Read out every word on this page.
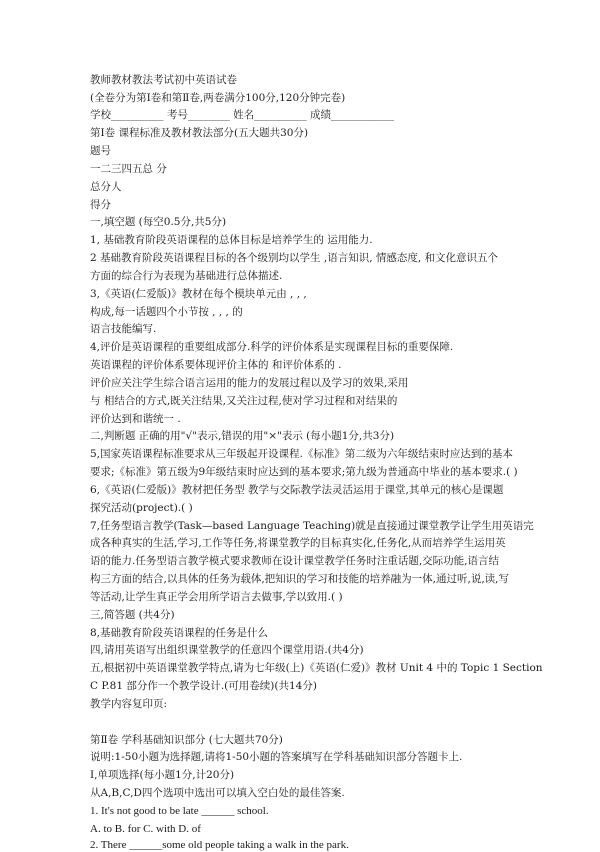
教师教材教法考试初中英语试卷
(全卷分为第Ⅰ卷和第Ⅱ卷,两卷满分100分,120分钟完卷)
学校__________ 考号________ 姓名__________ 成绩____________
第Ⅰ卷 课程标准及教材教法部分(五大题共30分)
题号
一二三四五总 分
总分人
得分
一,填空题 (每空0.5分,共5分)
1, 基础教育阶段英语课程的总体目标是培养学生的 运用能力.
2 基础教育阶段英语课程目标的各个级别均以学生 ,语言知识, 情感态度, 和文化意识五个
方面的综合行为表现为基础进行总体描述.
3,《英语(仁爱版)》教材在每个模块单元由 , , ,
构成,每一话题四个小节按 , , , 的
语言技能编写.
4,评价是英语课程的重要组成部分.科学的评价体系是实现课程目标的重要保障.
英语课程的评价体系要体现评价主体的 和评价体系的 .
评价应关注学生综合语言运用的能力的发展过程以及学习的效果,采用
与 相结合的方式,既关注结果,又关注过程,使对学习过程和对结果的
评价达到和谐统一 .
二,判断题 正确的用"√"表示,错误的用"×"表示 (每小题1分,共3分)
5,国家英语课程标准要求从三年级起开设课程.《标准》第二级为六年级结束时应达到的基本
要求;《标准》第五级为9年级结束时应达到的基本要求;第九级为普通高中毕业的基本要求.( )
6,《英语(仁爱版)》教材把任务型 教学与交际教学法灵活运用于课堂,其单元的核心是课题
探究活动(project).( )
7,任务型语言教学(Task—based Language Teaching)就是直接通过课堂教学让学生用英语完
成各种真实的生活,学习,工作等任务,将课堂教学的目标真实化,任务化,从而培养学生运用英
语的能力.任务型语言教学模式要求教师在设计课堂教学任务时注重话题,交际功能,语言结
构三方面的结合,以具体的任务为载体,把知识的学习和技能的培养融为一体,通过听,说,读,写
等活动,让学生真正学会用所学语言去做事,学以致用.( )
三,简答题 (共4分)
8,基础教育阶段英语课程的任务是什么
四,请用英语写出组织课堂教学的任意四个课堂用语.(共4分)
五,根据初中英语课堂教学特点,请为七年级(上)《英语(仁爱)》教材 Unit 4 中的 Topic 1 Section
C P.81 部分作一个教学设计.(可用卷续)(共14分)
教学内容复印页:
第Ⅱ卷 学科基础知识部分 (七大题共70分)
说明:1-50小题为选择题,请将1-50小题的答案填写在学科基础知识部分答题卡上.
Ⅰ,单项选择(每小题1分,计20分)
从A,B,C,D四个选项中选出可以填入空白处的最佳答案.
1. It's not good to be late ______ school.
A. to B. for C. with D. of
2. There ______some old people taking a walk in the park.
